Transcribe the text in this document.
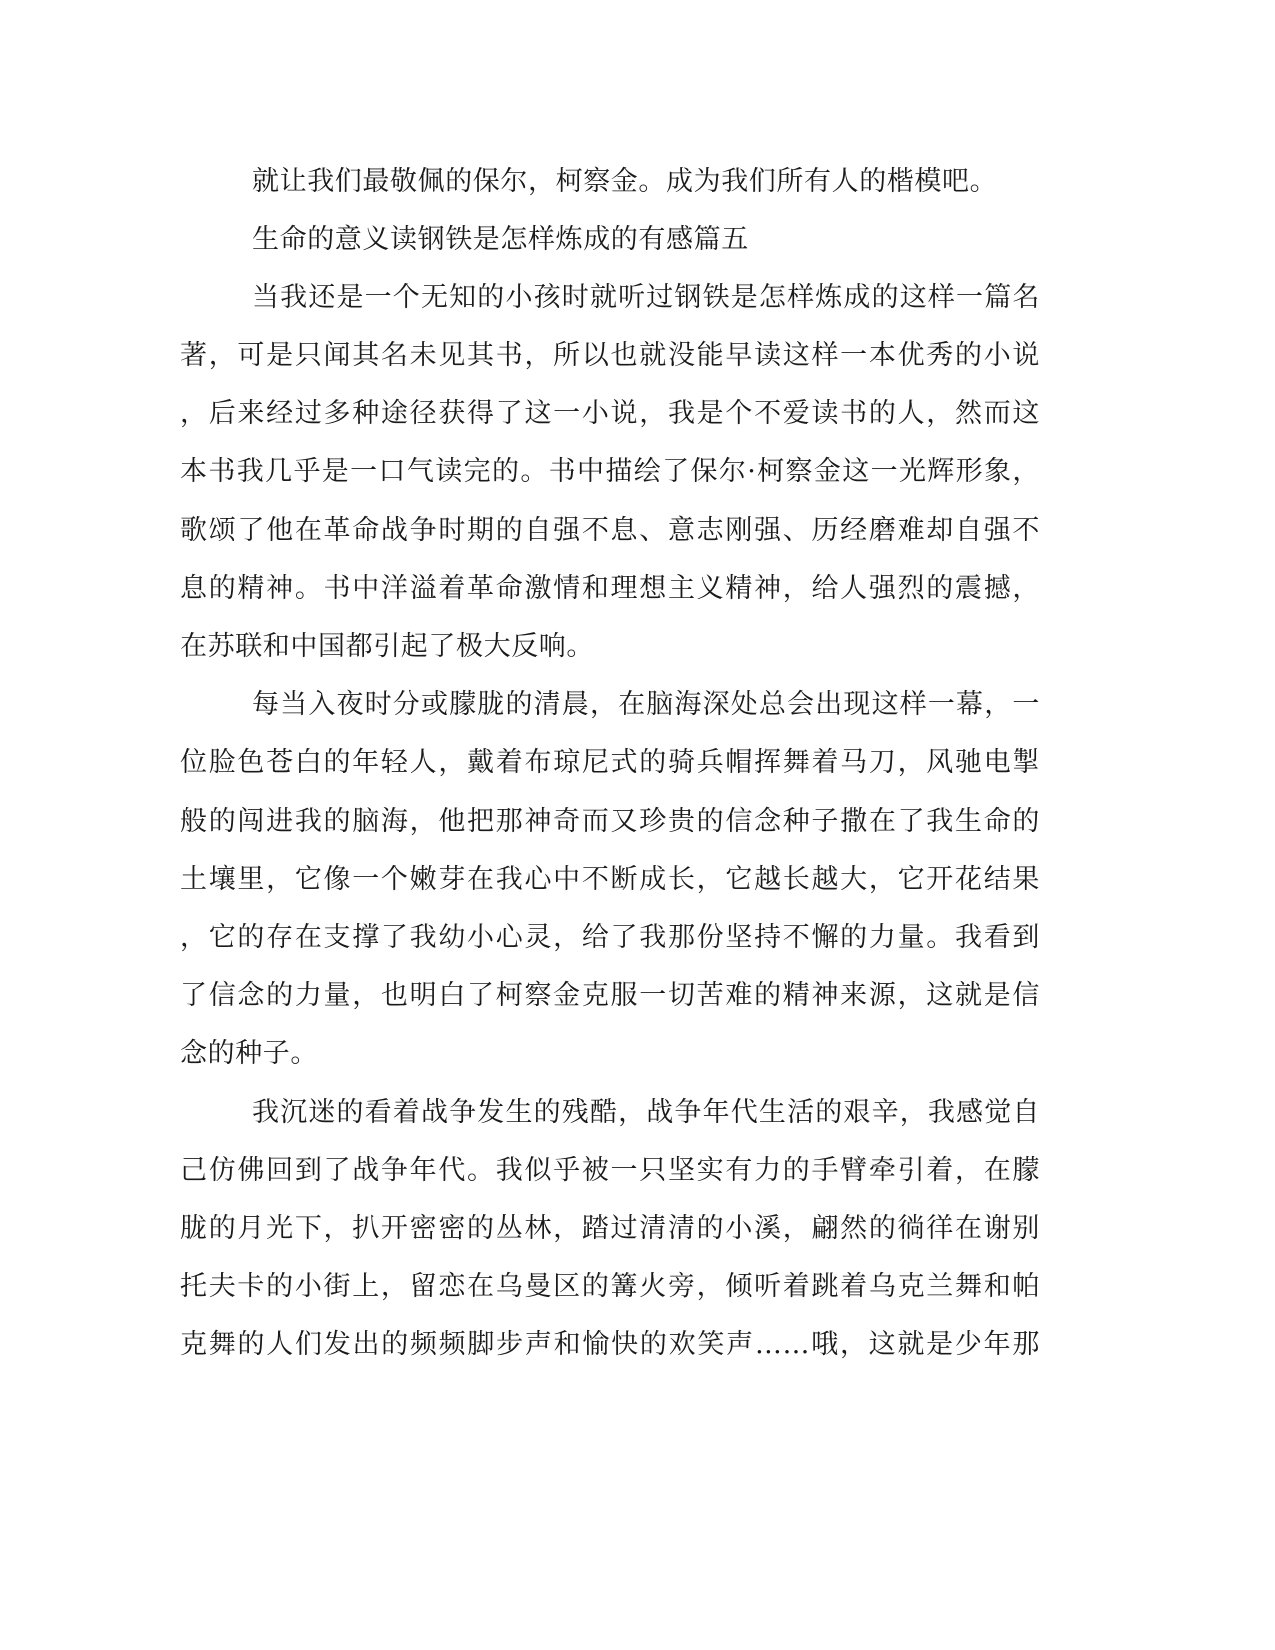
就让我们最敬佩的保尔，柯察金。成为我们所有人的楷模吧。
生命的意义读钢铁是怎样炼成的有感篇五
当我还是一个无知的小孩时就听过钢铁是怎样炼成的这样一篇名
著，可是只闻其名未见其书，所以也就没能早读这样一本优秀的小说
，后来经过多种途径获得了这一小说，我是个不爱读书的人，然而这
本书我几乎是一口气读完的。书中描绘了保尔·柯察金这一光辉形象，
歌颂了他在革命战争时期的自强不息、意志刚强、历经磨难却自强不
息的精神。书中洋溢着革命激情和理想主义精神，给人强烈的震撼，
在苏联和中国都引起了极大反响。
每当入夜时分或朦胧的清晨，在脑海深处总会出现这样一幕，一
位脸色苍白的年轻人，戴着布琼尼式的骑兵帽挥舞着马刀，风驰电掣
般的闯进我的脑海，他把那神奇而又珍贵的信念种子撒在了我生命的
土壤里，它像一个嫩芽在我心中不断成长，它越长越大，它开花结果
，它的存在支撑了我幼小心灵，给了我那份坚持不懈的力量。我看到
了信念的力量，也明白了柯察金克服一切苦难的精神来源，这就是信
念的种子。
我沉迷的看着战争发生的残酷，战争年代生活的艰辛，我感觉自
己仿佛回到了战争年代。我似乎被一只坚实有力的手臂牵引着，在朦
胧的月光下，扒开密密的丛林，踏过清清的小溪，翩然的徜徉在谢别
托夫卡的小街上，留恋在乌曼区的篝火旁，倾听着跳着乌克兰舞和帕
克舞的人们发出的频频脚步声和愉快的欢笑声……哦，这就是少年那
